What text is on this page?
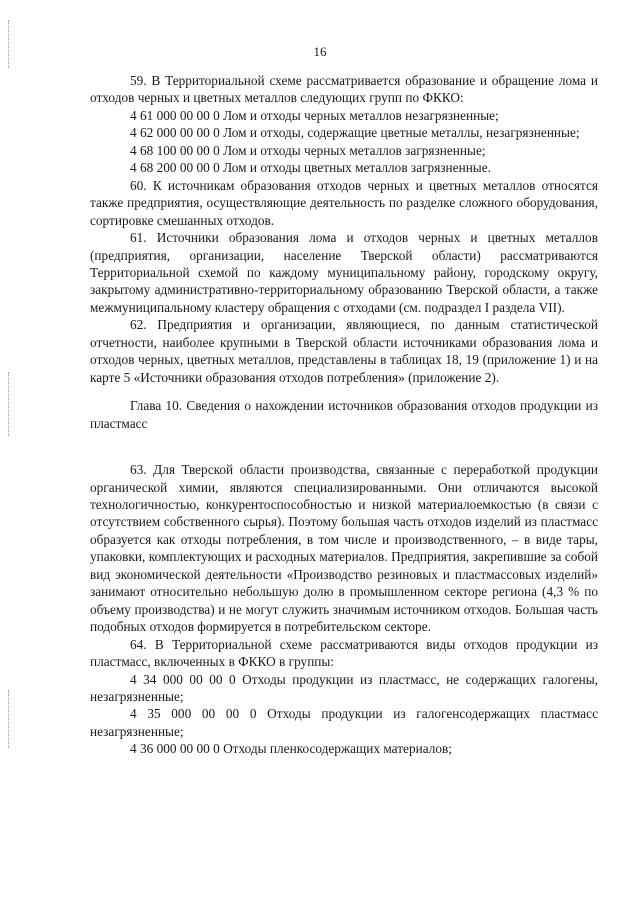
16

59. В Территориальной схеме рассматривается образование и обращение лома и отходов черных и цветных металлов следующих групп по ФККО:

4 61 000 00 00 0 Лом и отходы черных металлов незагрязненные;

4 62 000 00 00 0 Лом и отходы, содержащие цветные металлы, незагрязненные;

4 68 100 00 00 0 Лом и отходы черных металлов загрязненные;

4 68 200 00 00 0 Лом и отходы цветных металлов загрязненные.

60. К источникам образования отходов черных и цветных металлов относятся также предприятия, осуществляющие деятельность по разделке сложного оборудования, сортировке смешанных отходов.

61. Источники образования лома и отходов черных и цветных металлов (предприятия, организации, население Тверской области) рассматриваются Территориальной схемой по каждому муниципальному району, городскому округу, закрытому административно-территориальному образованию Тверской области, а также межмуниципальному кластеру обращения с отходами (см. подраздел I раздела VII).

62. Предприятия и организации, являющиеся, по данным статистической отчетности, наиболее крупными в Тверской области источниками образования лома и отходов черных, цветных металлов, представлены в таблицах 18, 19 (приложение 1) и на карте 5 «Источники образования отходов потребления» (приложение 2).

Глава 10. Сведения о нахождении источников образования отходов продукции из пластмасс

63. Для Тверской области производства, связанные с переработкой продукции органической химии, являются специализированными. Они отличаются высокой технологичностью, конкурентоспособностью и низкой материалоемкостью (в связи с отсутствием собственного сырья). Поэтому большая часть отходов изделий из пластмасс образуется как отходы потребления, в том числе и производственного, – в виде тары, упаковки, комплектующих и расходных материалов. Предприятия, закрепившие за собой вид экономической деятельности «Производство резиновых и пластмассовых изделий» занимают относительно небольшую долю в промышленном секторе региона (4,3 % по объему производства) и не могут служить значимым источником отходов. Большая часть подобных отходов формируется в потребительском секторе.

64. В Территориальной схеме рассматриваются виды отходов продукции из пластмасс, включенных в ФККО в группы:

4 34 000 00 00 0 Отходы продукции из пластмасс, не содержащих галогены, незагрязненные;

4 35 000 00 00 0 Отходы продукции из галогенсодержащих пластмасс незагрязненные;

4 36 000 00 00 0 Отходы пленкосодержащих материалов;
